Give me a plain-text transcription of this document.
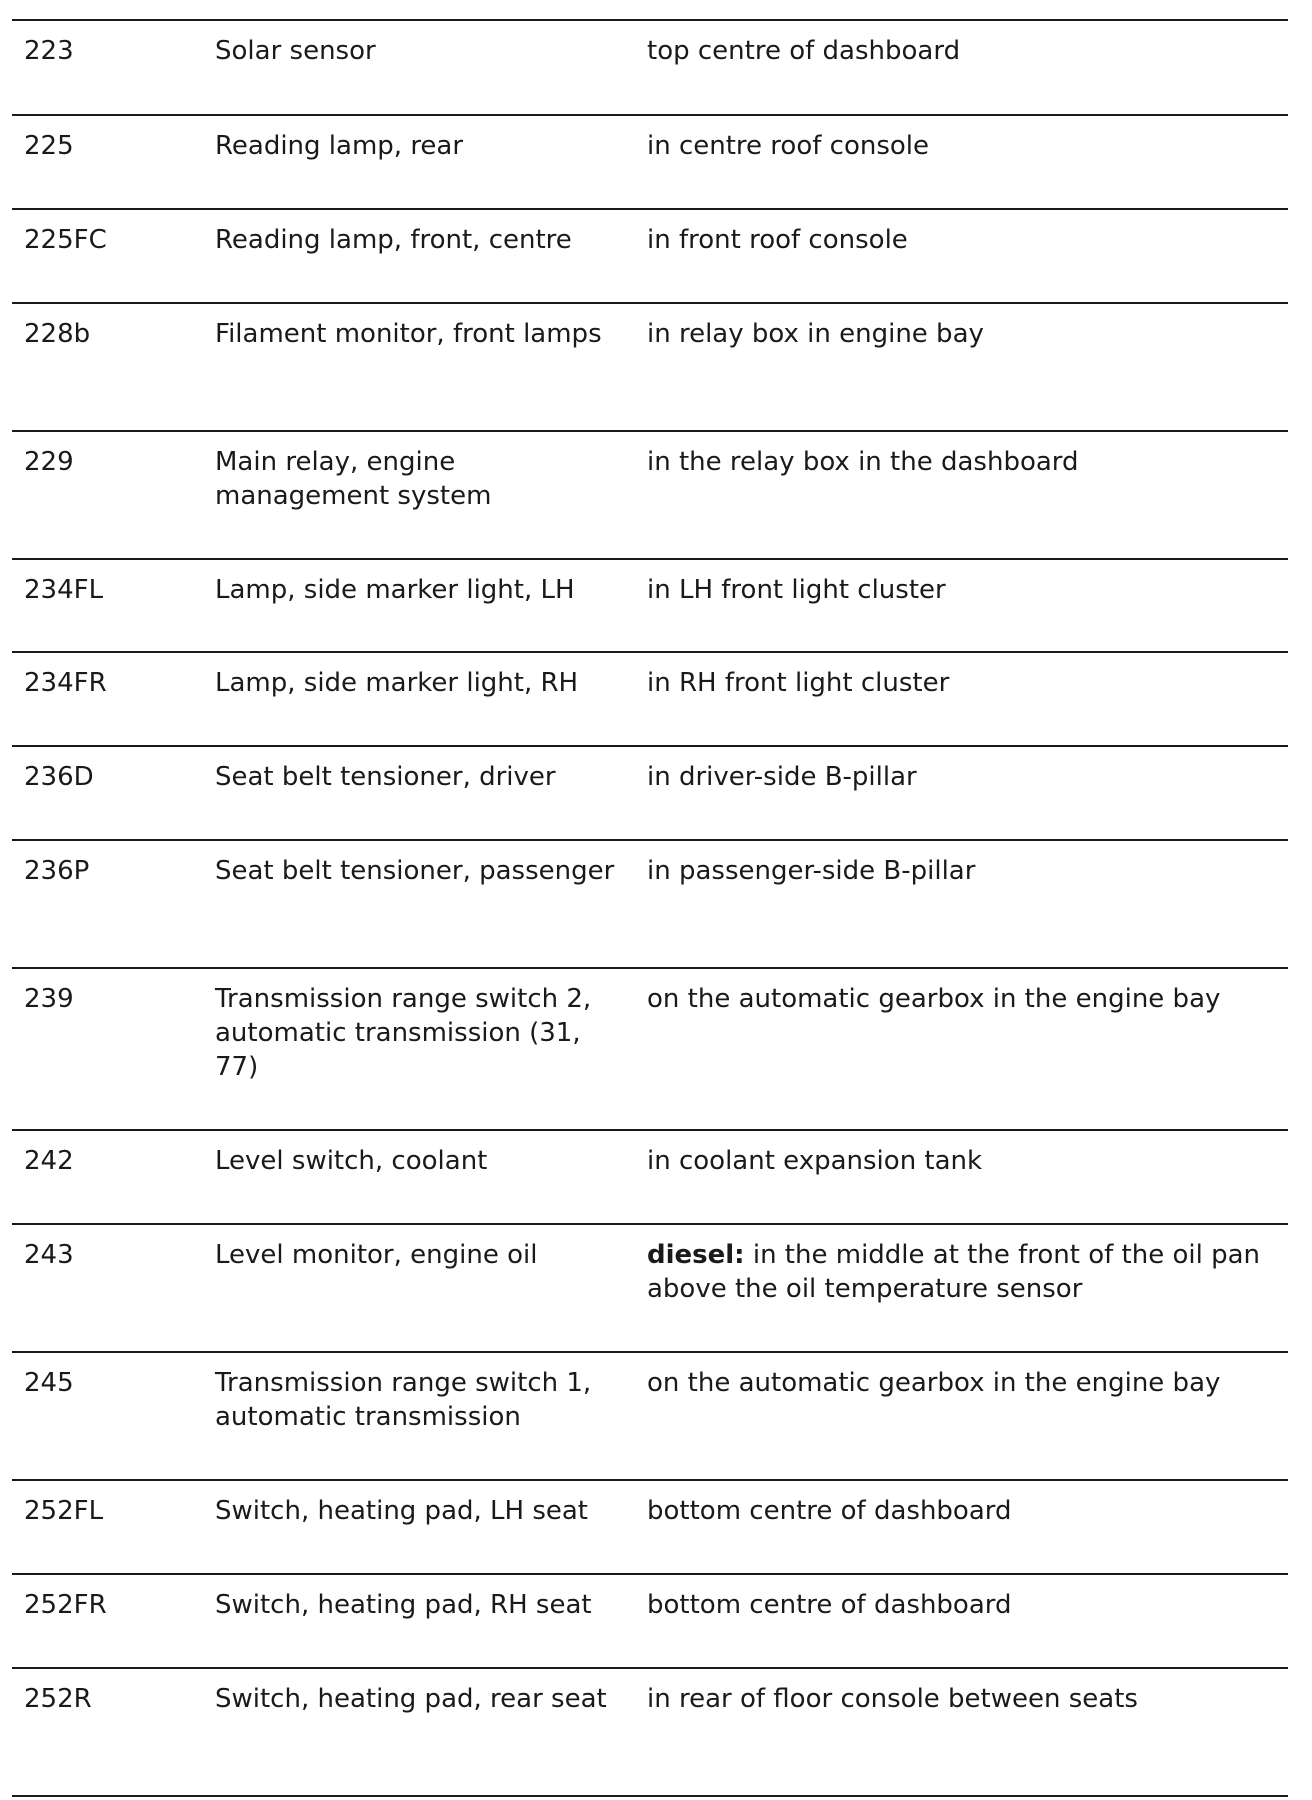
223	Solar sensor	top centre of dashboard
225	Reading lamp, rear	in centre roof console
225FC	Reading lamp, front, centre	in front roof console
228b	Filament monitor, front lamps	in relay box in engine bay
229	Main relay, engine management system	in the relay box in the dashboard
234FL	Lamp, side marker light, LH	in LH front light cluster
234FR	Lamp, side marker light, RH	in RH front light cluster
236D	Seat belt tensioner, driver	in driver-side B-pillar
236P	Seat belt tensioner, passenger	in passenger-side B-pillar
239	Transmission range switch 2, automatic transmission (31, 77)	on the automatic gearbox in the engine bay
242	Level switch, coolant	in coolant expansion tank
243	Level monitor, engine oil	diesel: in the middle at the front of the oil pan above the oil temperature sensor
245	Transmission range switch 1, automatic transmission	on the automatic gearbox in the engine bay
252FL	Switch, heating pad, LH seat	bottom centre of dashboard
252FR	Switch, heating pad, RH seat	bottom centre of dashboard
252R	Switch, heating pad, rear seat	in rear of floor console between seats
